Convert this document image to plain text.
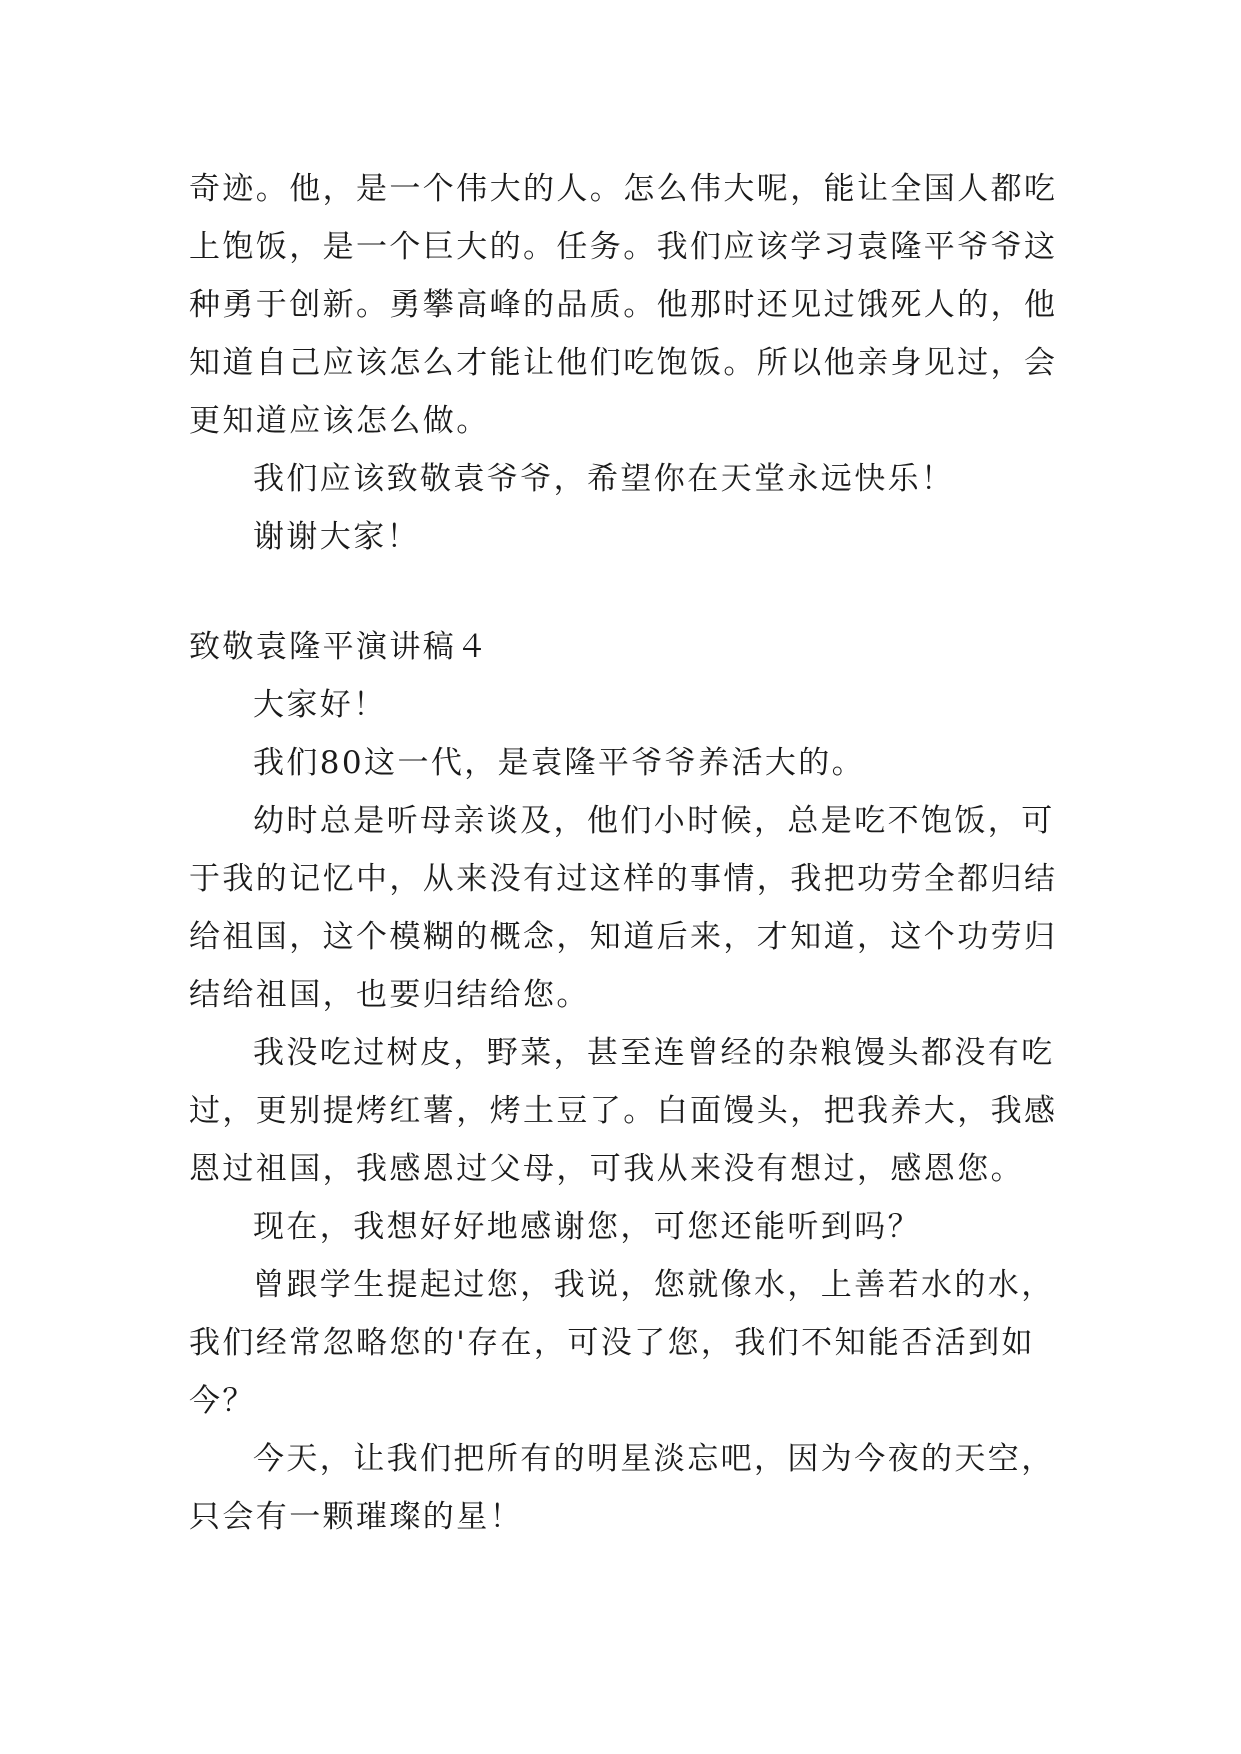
奇迹。他，是一个伟大的人。怎么伟大呢，能让全国人都吃
上饱饭，是一个巨大的。任务。我们应该学习袁隆平爷爷这
种勇于创新。勇攀高峰的品质。他那时还见过饿死人的，他
知道自己应该怎么才能让他们吃饱饭。所以他亲身见过，会
更知道应该怎么做。
我们应该致敬袁爷爷，希望你在天堂永远快乐！
谢谢大家！
致敬袁隆平演讲稿４
大家好！
我们80这一代，是袁隆平爷爷养活大的。
幼时总是听母亲谈及，他们小时候，总是吃不饱饭，可
于我的记忆中，从来没有过这样的事情，我把功劳全都归结
给祖国，这个模糊的概念，知道后来，才知道，这个功劳归
结给祖国，也要归结给您。
我没吃过树皮，野菜，甚至连曾经的杂粮馒头都没有吃
过，更别提烤红薯，烤土豆了。白面馒头，把我养大，我感
恩过祖国，我感恩过父母，可我从来没有想过，感恩您。
现在，我想好好地感谢您，可您还能听到吗？
曾跟学生提起过您，我说，您就像水，上善若水的水，
我们经常忽略您的'存在，可没了您，我们不知能否活到如
今？
今天，让我们把所有的明星淡忘吧，因为今夜的天空，
只会有一颗璀璨的星！
